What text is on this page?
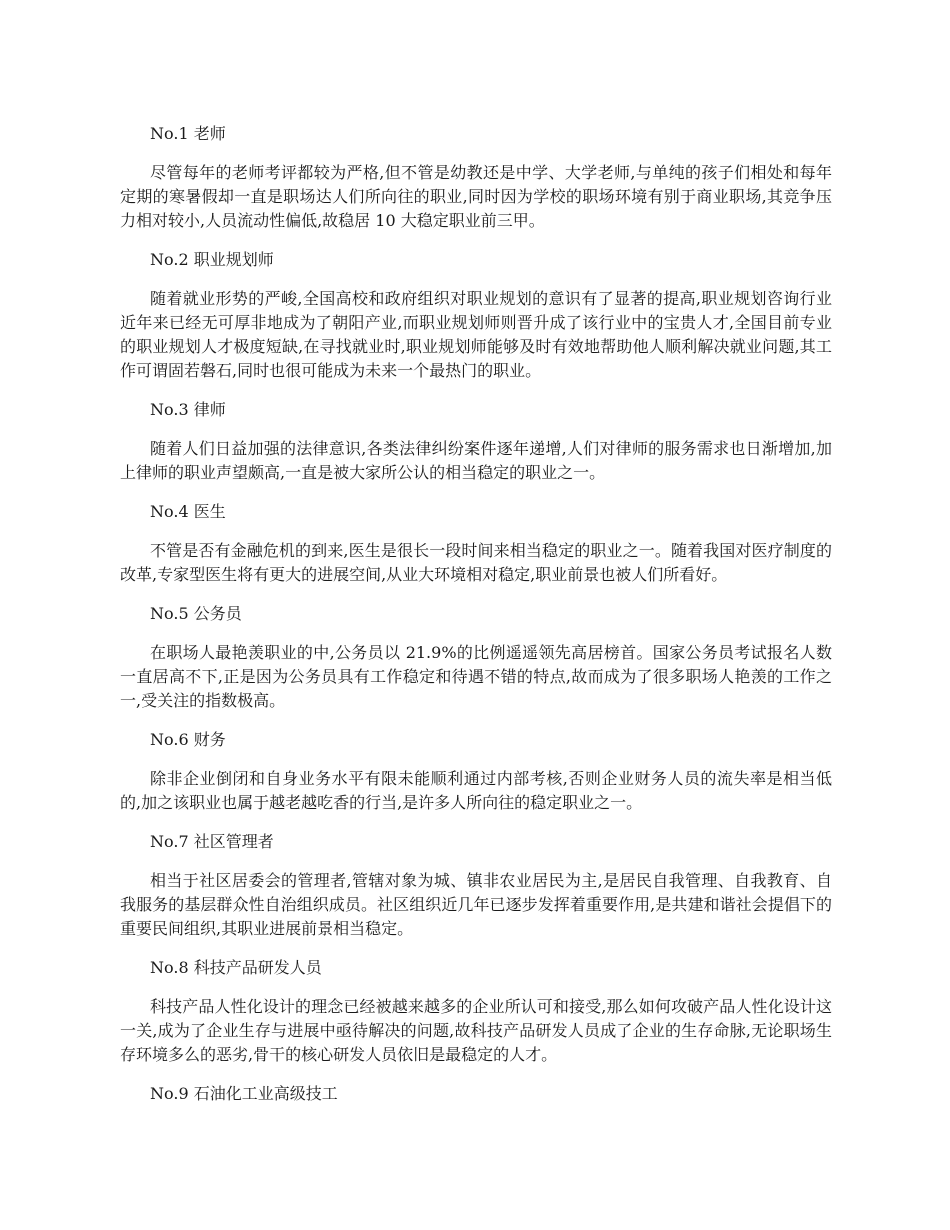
No.1 老师

尽管每年的老师考评都较为严格,但不管是幼教还是中学、大学老师,与单纯的孩子们相处和每年定期的寒暑假却一直是职场达人们所向往的职业,同时因为学校的职场环境有别于商业职场,其竞争压力相对较小,人员流动性偏低,故稳居 10 大稳定职业前三甲。

No.2 职业规划师

随着就业形势的严峻,全国高校和政府组织对职业规划的意识有了显著的提高,职业规划咨询行业近年来已经无可厚非地成为了朝阳产业,而职业规划师则晋升成了该行业中的宝贵人才,全国目前专业的职业规划人才极度短缺,在寻找就业时,职业规划师能够及时有效地帮助他人顺利解决就业问题,其工作可谓固若磐石,同时也很可能成为未来一个最热门的职业。

No.3 律师

随着人们日益加强的法律意识,各类法律纠纷案件逐年递增,人们对律师的服务需求也日渐增加,加上律师的职业声望颇高,一直是被大家所公认的相当稳定的职业之一。

No.4 医生

不管是否有金融危机的到来,医生是很长一段时间来相当稳定的职业之一。随着我国对医疗制度的改革,专家型医生将有更大的进展空间,从业大环境相对稳定,职业前景也被人们所看好。

No.5 公务员

在职场人最艳羡职业的中,公务员以 21.9%的比例遥遥领先高居榜首。国家公务员考试报名人数一直居高不下,正是因为公务员具有工作稳定和待遇不错的特点,故而成为了很多职场人艳羡的工作之一,受关注的指数极高。

No.6 财务

除非企业倒闭和自身业务水平有限未能顺利通过内部考核,否则企业财务人员的流失率是相当低的,加之该职业也属于越老越吃香的行当,是许多人所向往的稳定职业之一。

No.7 社区管理者

相当于社区居委会的管理者,管辖对象为城、镇非农业居民为主,是居民自我管理、自我教育、自我服务的基层群众性自治组织成员。社区组织近几年已逐步发挥着重要作用,是共建和谐社会提倡下的重要民间组织,其职业进展前景相当稳定。

No.8 科技产品研发人员

科技产品人性化设计的理念已经被越来越多的企业所认可和接受,那么如何攻破产品人性化设计这一关,成为了企业生存与进展中亟待解决的问题,故科技产品研发人员成了企业的生存命脉,无论职场生存环境多么的恶劣,骨干的核心研发人员依旧是最稳定的人才。

No.9 石油化工业高级技工
